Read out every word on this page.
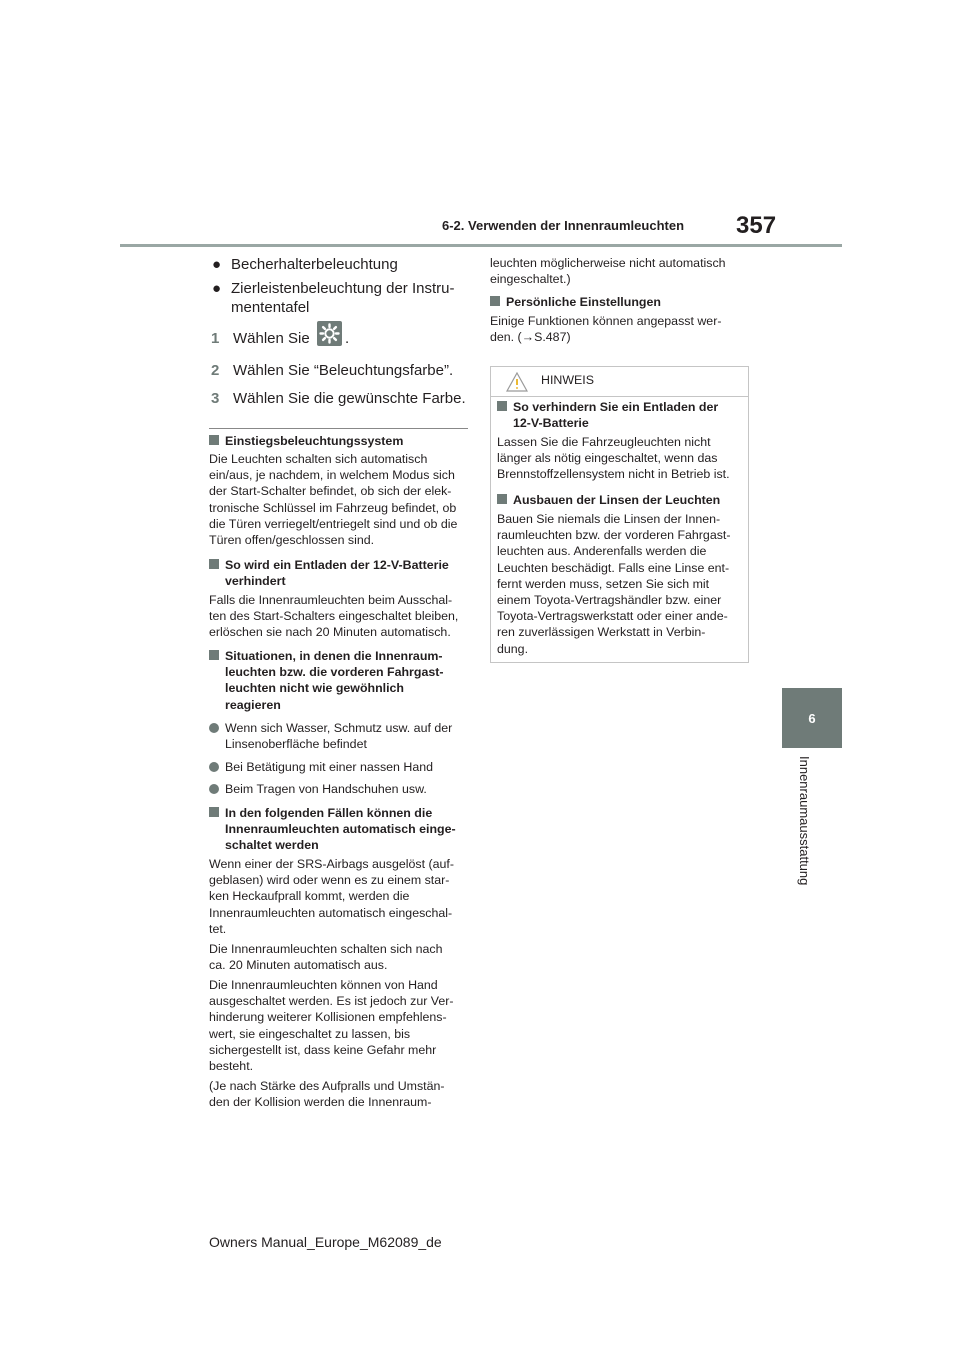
6-2. Verwenden der Innenraumleuchten 357
6
Innenraumausstattung
● Becherhalterbeleuchtung
● Zierleistenbeleuchtung der Instru-
mententafel
1 Wählen Sie .
2 Wählen Sie “Beleuchtungsfarbe”.
3 Wählen Sie die gewünschte Farbe.
Einstiegsbeleuchtungssystem
Die Leuchten schalten sich automatisch
ein/aus, je nachdem, in welchem Modus sich
der Start-Schalter befindet, ob sich der elek-
tronische Schlüssel im Fahrzeug befindet, ob
die Türen verriegelt/entriegelt sind und ob die
Türen offen/geschlossen sind.
So wird ein Entladen der 12-V-Batterie
verhindert
Falls die Innenraumleuchten beim Ausschal-
ten des Start-Schalters eingeschaltet bleiben,
erlöschen sie nach 20 Minuten automatisch.
Situationen, in denen die Innenraum-
leuchten bzw. die vorderen Fahrgast-
leuchten nicht wie gewöhnlich
reagieren
Wenn sich Wasser, Schmutz usw. auf der
Linsenoberfläche befindet
Bei Betätigung mit einer nassen Hand
Beim Tragen von Handschuhen usw.
In den folgenden Fällen können die
Innenraumleuchten automatisch einge-
schaltet werden
Wenn einer der SRS-Airbags ausgelöst (auf-
geblasen) wird oder wenn es zu einem star-
ken Heckaufprall kommt, werden die
Innenraumleuchten automatisch eingeschal-
tet.
Die Innenraumleuchten schalten sich nach
ca. 20 Minuten automatisch aus.
Die Innenraumleuchten können von Hand
ausgeschaltet werden. Es ist jedoch zur Ver-
hinderung weiterer Kollisionen empfehlens-
wert, sie eingeschaltet zu lassen, bis
sichergestellt ist, dass keine Gefahr mehr
besteht.
(Je nach Stärke des Aufpralls und Umstän-
den der Kollision werden die Innenraum-
leuchten möglicherweise nicht automatisch
eingeschaltet.)
Persönliche Einstellungen
Einige Funktionen können angepasst wer-
den. (→S.487)
HINWEIS
So verhindern Sie ein Entladen der
12-V-Batterie
Lassen Sie die Fahrzeugleuchten nicht
länger als nötig eingeschaltet, wenn das
Brennstoffzellensystem nicht in Betrieb ist.
Ausbauen der Linsen der Leuchten
Bauen Sie niemals die Linsen der Innen-
raumleuchten bzw. der vorderen Fahrgast-
leuchten aus. Anderenfalls werden die
Leuchten beschädigt. Falls eine Linse ent-
fernt werden muss, setzen Sie sich mit
einem Toyota-Vertragshändler bzw. einer
Toyota-Vertragswerkstatt oder einer ande-
ren zuverlässigen Werkstatt in Verbin-
dung.
Owners Manual_Europe_M62089_de
